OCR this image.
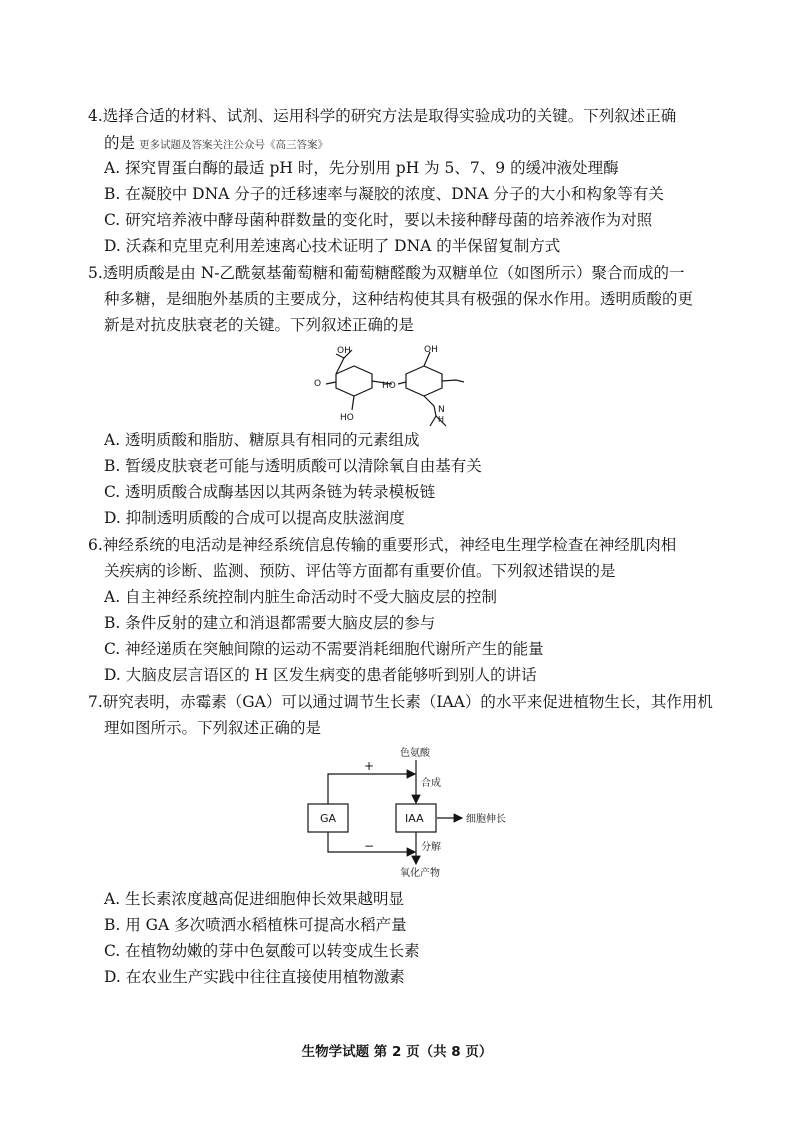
4.选择合适的材料、试剂、运用科学的研究方法是取得实验成功的关键。下列叙述正确
的是 更多试题及答案关注公众号《高三答案》
A. 探究胃蛋白酶的最适 pH 时，先分别用 pH 为 5、7、9 的缓冲液处理酶
B. 在凝胶中 DNA 分子的迁移速率与凝胶的浓度、DNA 分子的大小和构象等有关
C. 研究培养液中酵母菌种群数量的变化时，要以未接种酵母菌的培养液作为对照
D. 沃森和克里克利用差速离心技术证明了 DNA 的半保留复制方式
5.透明质酸是由 N-乙酰氨基葡萄糖和葡萄糖醛酸为双糖单位（如图所示）聚合而成的一
种多糖，是细胞外基质的主要成分，这种结构使其具有极强的保水作用。透明质酸的更
新是对抗皮肤衰老的关键。下列叙述正确的是
OH
O
HO
OH
HO
N
H
A. 透明质酸和脂肪、糖原具有相同的元素组成
B. 暂缓皮肤衰老可能与透明质酸可以清除氧自由基有关
C. 透明质酸合成酶基因以其两条链为转录模板链
D. 抑制透明质酸的合成可以提高皮肤滋润度
6.神经系统的电活动是神经系统信息传输的重要形式，神经电生理学检查在神经肌肉相
关疾病的诊断、监测、预防、评估等方面都有重要价值。下列叙述错误的是
A. 自主神经系统控制内脏生命活动时不受大脑皮层的控制
B. 条件反射的建立和消退都需要大脑皮层的参与
C. 神经递质在突触间隙的运动不需要消耗细胞代谢所产生的能量
D. 大脑皮层言语区的 H 区发生病变的患者能够听到别人的讲话
7.研究表明，赤霉素（GA）可以通过调节生长素（IAA）的水平来促进植物生长，其作用机
理如图所示。下列叙述正确的是
色氨酸
合成
+
GA	IAA	细胞伸长
−	分解
氧化产物
A. 生长素浓度越高促进细胞伸长效果越明显
B. 用 GA 多次喷洒水稻植株可提高水稻产量
C. 在植物幼嫩的芽中色氨酸可以转变成生长素
D. 在农业生产实践中往往直接使用植物激素
生物学试题 第 2 页（共 8 页）
